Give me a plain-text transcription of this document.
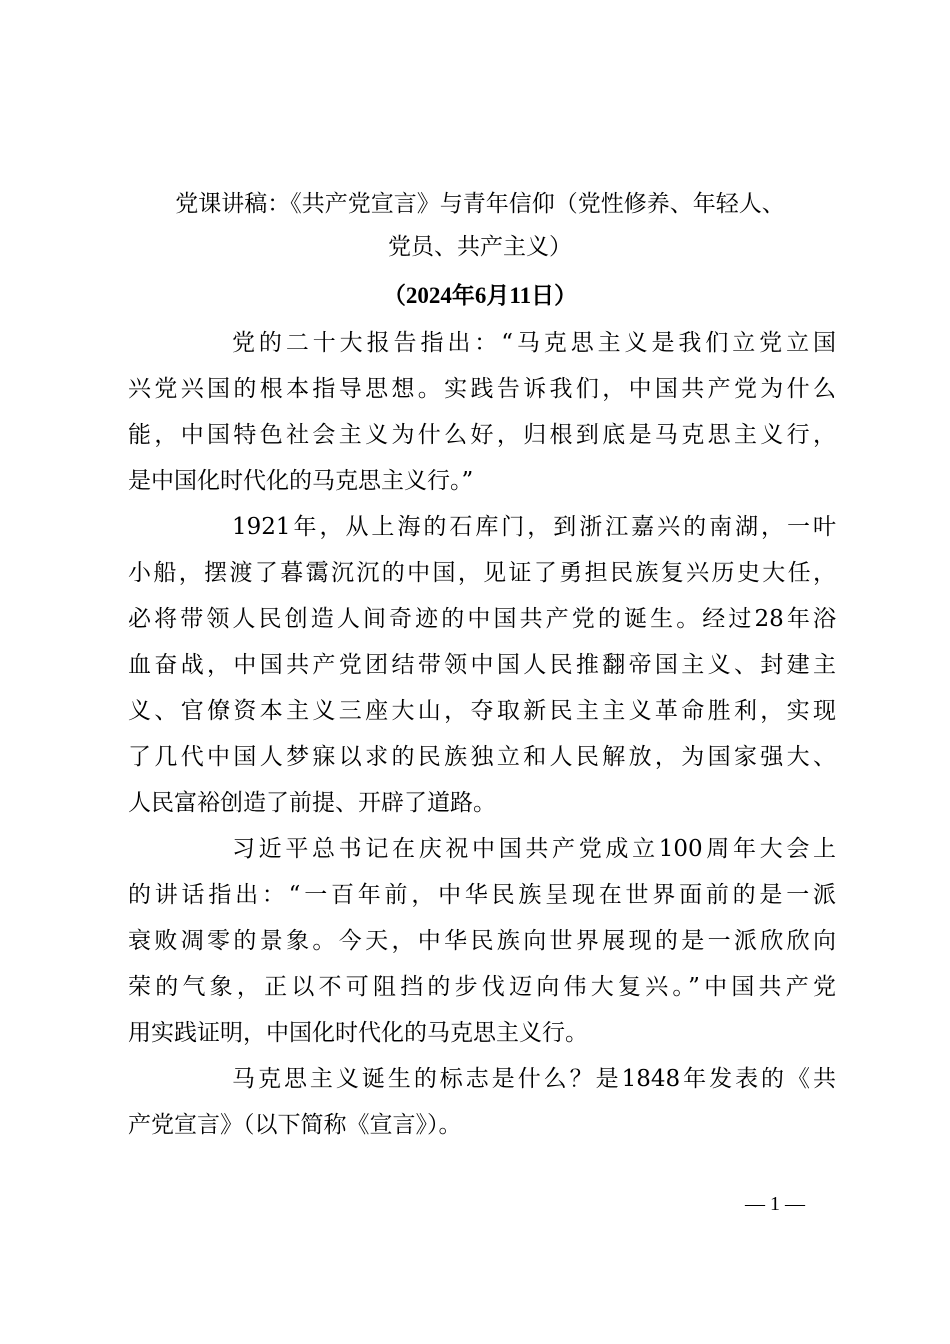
党课讲稿：《共产党宣言》与青年信仰（党性修养、年轻人、
党员、共产主义）
（2024年6月11日）
党的二十大报告指出：“马克思主义是我们立党立国
兴党兴国的根本指导思想。实践告诉我们，中国共产党为什么
能，中国特色社会主义为什么好，归根到底是马克思主义行，
是中国化时代化的马克思主义行。”
1921年，从上海的石库门，到浙江嘉兴的南湖，一叶
小船，摆渡了暮霭沉沉的中国，见证了勇担民族复兴历史大任，
必将带领人民创造人间奇迹的中国共产党的诞生。经过28年浴
血奋战，中国共产党团结带领中国人民推翻帝国主义、封建主
义、官僚资本主义三座大山，夺取新民主主义革命胜利，实现
了几代中国人梦寐以求的民族独立和人民解放，为国家强大、
人民富裕创造了前提、开辟了道路。
习近平总书记在庆祝中国共产党成立100周年大会上
的讲话指出：“一百年前，中华民族呈现在世界面前的是一派
衰败凋零的景象。今天，中华民族向世界展现的是一派欣欣向
荣的气象，正以不可阻挡的步伐迈向伟大复兴。”中国共产党
用实践证明，中国化时代化的马克思主义行。
马克思主义诞生的标志是什么？是1848年发表的《共
产党宣言》（以下简称《宣言》）。
— 1 —
